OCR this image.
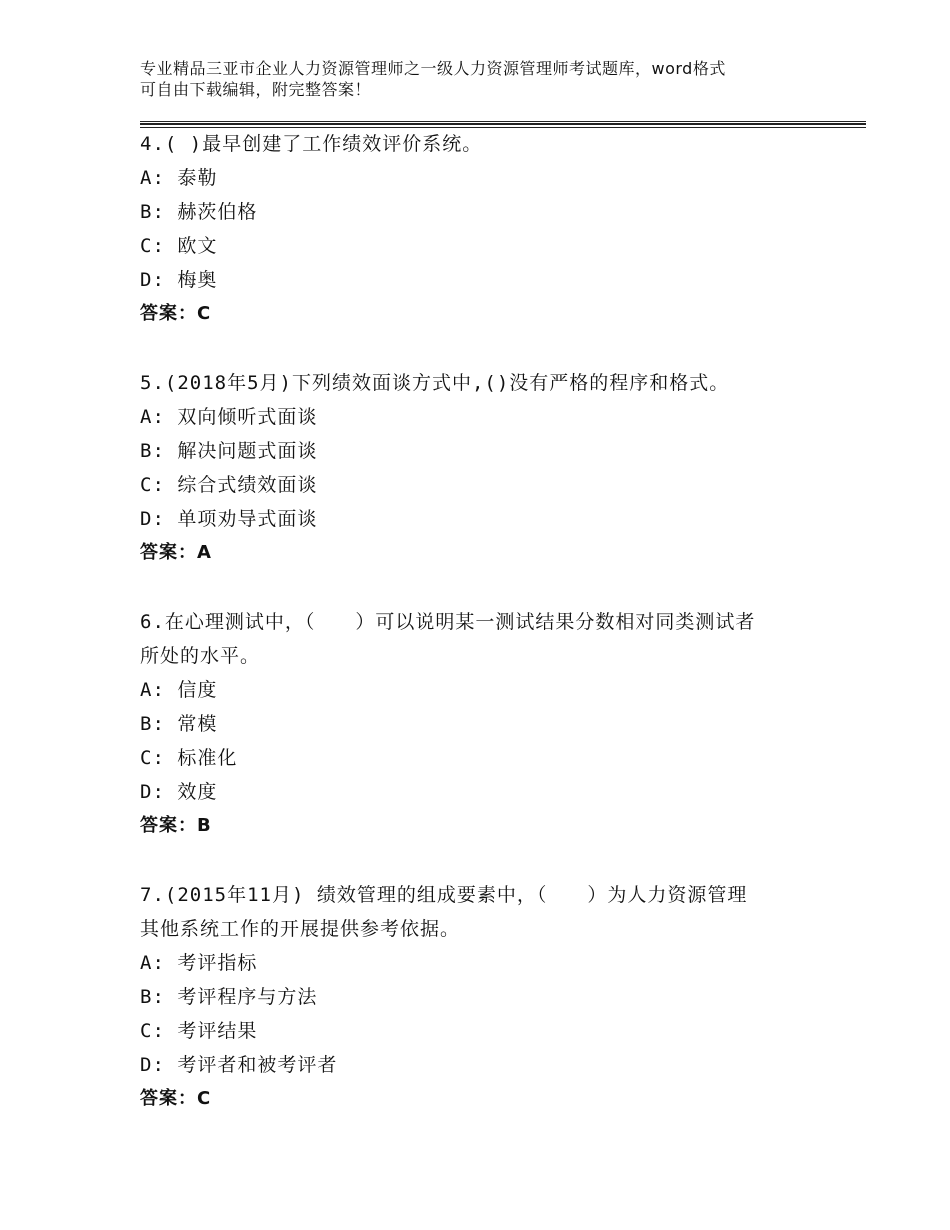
专业精品三亚市企业人力资源管理师之一级人力资源管理师考试题库，word格式
可自由下载编辑，附完整答案！
4.( )最早创建了工作绩效评价系统。
A: 泰勒
B: 赫茨伯格
C: 欧文
D: 梅奥
答案：C
5.(2018年5月)下列绩效面谈方式中,()没有严格的程序和格式。
A: 双向倾听式面谈
B: 解决问题式面谈
C: 综合式绩效面谈
D: 单项劝导式面谈
答案：A
6.在心理测试中，（　　）可以说明某一测试结果分数相对同类测试者
所处的水平。
A: 信度
B: 常模
C: 标准化
D: 效度
答案：B
7.(2015年11月) 绩效管理的组成要素中，（　　）为人力资源管理
其他系统工作的开展提供参考依据。
A: 考评指标
B: 考评程序与方法
C: 考评结果
D: 考评者和被考评者
答案：C
